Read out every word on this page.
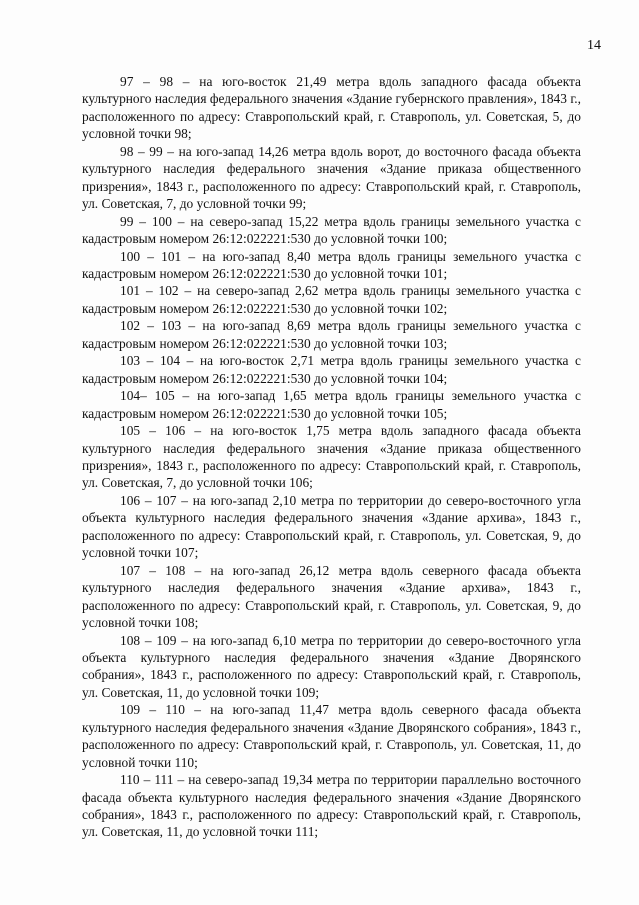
14

97 – 98 – на юго-восток 21,49 метра вдоль западного фасада объекта культурного наследия федерального значения «Здание губернского правления», 1843 г., расположенного по адресу: Ставропольский край, г. Ставрополь, ул. Советская, 5, до условной точки 98;

98 – 99 – на юго-запад 14,26 метра вдоль ворот, до восточного фасада объекта культурного наследия федерального значения «Здание приказа общественного призрения», 1843 г., расположенного по адресу: Ставропольский край, г. Ставрополь, ул. Советская, 7, до условной точки 99;

99 – 100 – на северо-запад 15,22 метра вдоль границы земельного участка с кадастровым номером 26:12:022221:530 до условной точки 100;

100 – 101 – на юго-запад 8,40 метра вдоль границы земельного участка с кадастровым номером 26:12:022221:530 до условной точки 101;

101 – 102 – на северо-запад 2,62 метра вдоль границы земельного участка с кадастровым номером 26:12:022221:530 до условной точки 102;

102 – 103 – на юго-запад 8,69 метра вдоль границы земельного участка с кадастровым номером 26:12:022221:530 до условной точки 103;

103 – 104 – на юго-восток 2,71 метра вдоль границы земельного участка с кадастровым номером 26:12:022221:530 до условной точки 104;

104– 105 – на юго-запад 1,65 метра вдоль границы земельного участка с кадастровым номером 26:12:022221:530 до условной точки 105;

105 – 106 – на юго-восток 1,75 метра вдоль западного фасада объекта культурного наследия федерального значения «Здание приказа общественного призрения», 1843 г., расположенного по адресу: Ставропольский край, г. Ставрополь, ул. Советская, 7, до условной точки 106;

106 – 107 – на юго-запад 2,10 метра по территории до северо-восточного угла объекта культурного наследия федерального значения «Здание архива», 1843 г., расположенного по адресу: Ставропольский край, г. Ставрополь, ул. Советская, 9, до условной точки 107;

107 – 108 – на юго-запад 26,12 метра вдоль северного фасада объекта культурного наследия федерального значения «Здание архива», 1843 г., расположенного по адресу: Ставропольский край, г. Ставрополь, ул. Советская, 9, до условной точки 108;

108 – 109 – на юго-запад 6,10 метра по территории до северо-восточного угла объекта культурного наследия федерального значения «Здание Дворянского собрания», 1843 г., расположенного по адресу: Ставропольский край, г. Ставрополь, ул. Советская, 11, до условной точки 109;

109 – 110 – на юго-запад 11,47 метра вдоль северного фасада объекта культурного наследия федерального значения «Здание Дворянского собрания», 1843 г., расположенного по адресу: Ставропольский край, г. Ставрополь, ул. Советская, 11, до условной точки 110;

110 – 111 – на северо-запад 19,34 метра по территории параллельно восточного фасада объекта культурного наследия федерального значения «Здание Дворянского собрания», 1843 г., расположенного по адресу: Ставропольский край, г. Ставрополь, ул. Советская, 11, до условной точки 111;
